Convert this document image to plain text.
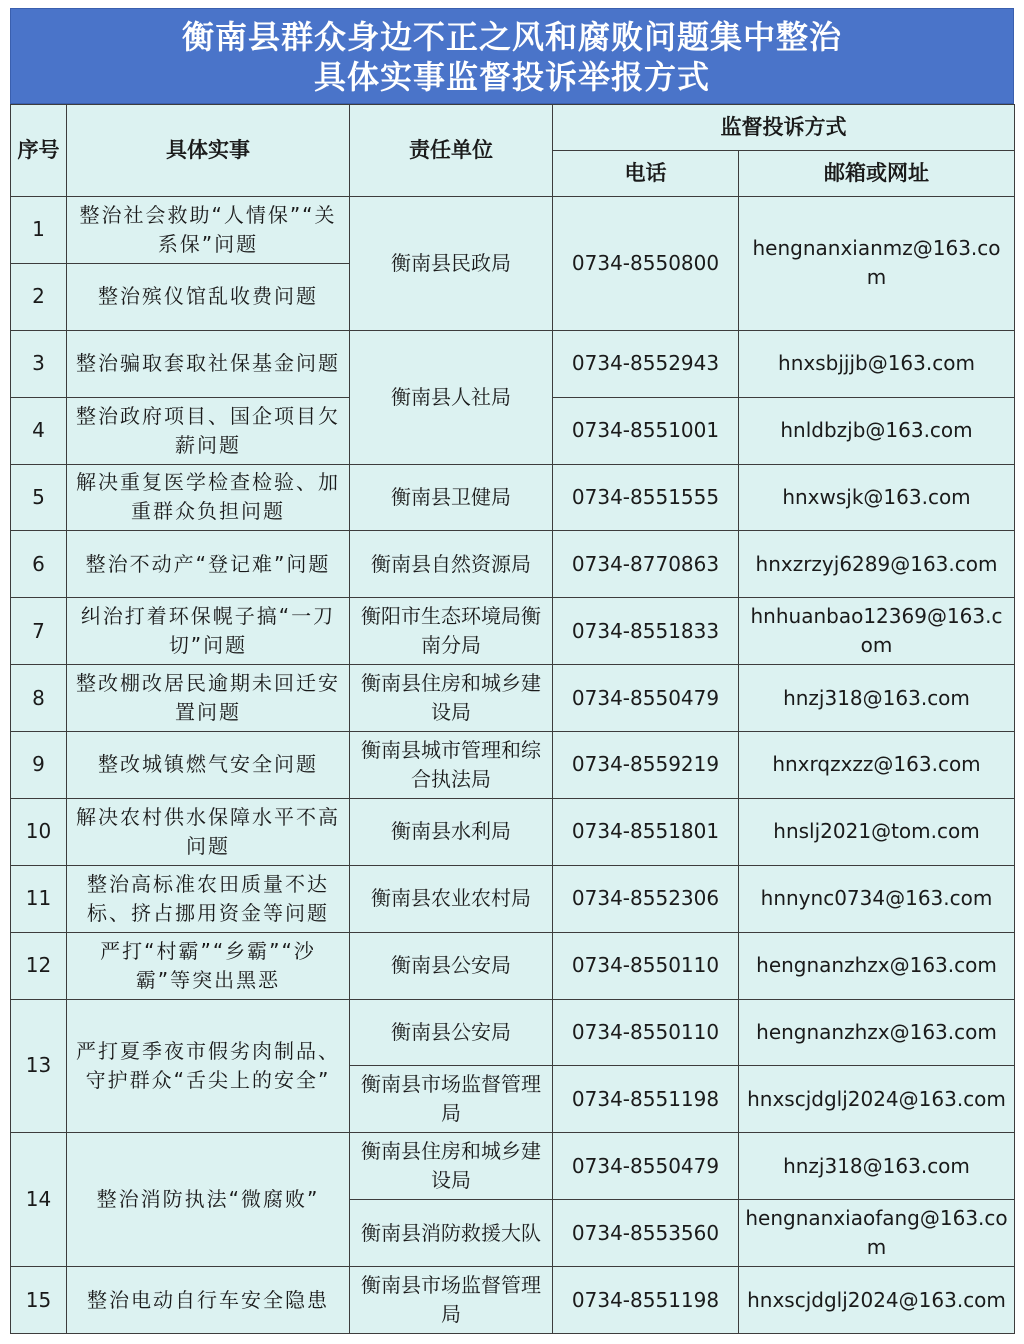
衡南县群众身边不正之风和腐败问题集中整治
具体实事监督投诉举报方式
序号	具体实事	责任单位	监督投诉方式	
			电话	邮箱或网址
1	整治社会救助“人情保”“关系保”问题	衡南县民政局	0734-8550800	hengnanxianmz@163.com
2	整治殡仪馆乱收费问题			
3	整治骗取套取社保基金问题	衡南县人社局	0734-8552943	hnxsbjjjb@163.com
4	整治政府项目、国企项目欠薪问题		0734-8551001	hnldbzjb@163.com
5	解决重复医学检查检验、加重群众负担问题	衡南县卫健局	0734-8551555	hnxwsjk@163.com
6	整治不动产“登记难”问题	衡南县自然资源局	0734-8770863	hnxzrzyj6289@163.com
7	纠治打着环保幌子搞“一刀切”问题	衡阳市生态环境局衡南分局	0734-8551833	hnhuanbao12369@163.com
8	整改棚改居民逾期未回迁安置问题	衡南县住房和城乡建设局	0734-8550479	hnzj318@163.com
9	整改城镇燃气安全问题	衡南县城市管理和综合执法局	0734-8559219	hnxrqzxzz@163.com
10	解决农村供水保障水平不高问题	衡南县水利局	0734-8551801	hnslj2021@tom.com
11	整治高标准农田质量不达标、挤占挪用资金等问题	衡南县农业农村局	0734-8552306	hnnync0734@163.com
12	严打“村霸”“乡霸”“沙霸”等突出黑恶	衡南县公安局	0734-8550110	hengnanzhzx@163.com
13	严打夏季夜市假劣肉制品、守护群众“舌尖上的安全”	衡南县公安局	0734-8550110	hengnanzhzx@163.com
		衡南县市场监督管理局	0734-8551198	hnxscjdglj2024@163.com
14	整治消防执法“微腐败”	衡南县住房和城乡建设局	0734-8550479	hnzj318@163.com
		衡南县消防救援大队	0734-8553560	hengnanxiaofang@163.com
15	整治电动自行车安全隐患	衡南县市场监督管理局	0734-8551198	hnxscjdglj2024@163.com
